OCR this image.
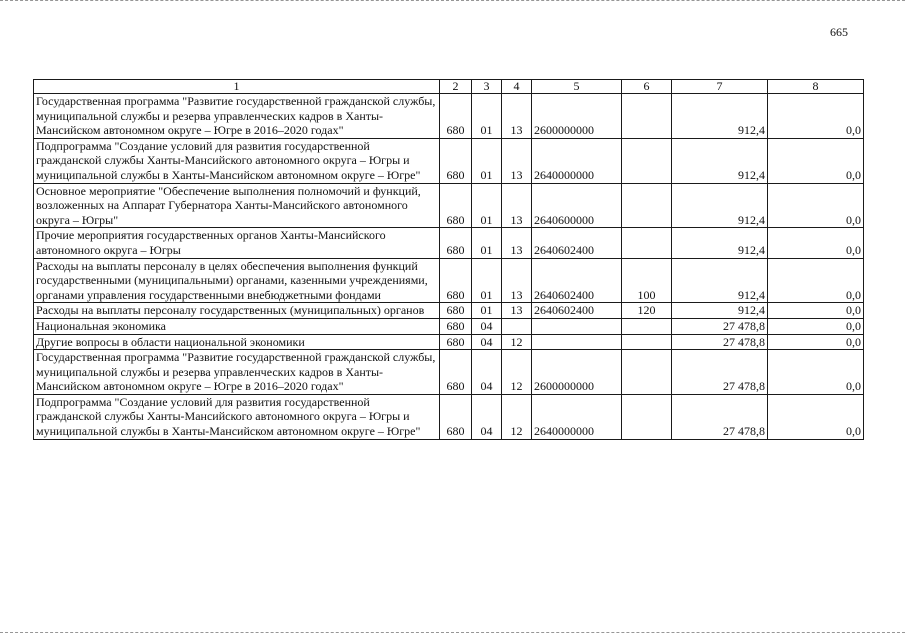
665
1	2	3	4	5	6	7	8
Государственная программа "Развитие государственной гражданской службы, муниципальной службы и резерва управленческих кадров в Ханты-Мансийском автономном округе – Югре в 2016–2020 годах"	680	01	13	2600000000		912,4	0,0
Подпрограмма "Создание условий для развития государственной гражданской службы Ханты-Мансийского автономного округа – Югры и муниципальной службы в Ханты-Мансийском автономном округе – Югре"	680	01	13	2640000000		912,4	0,0
Основное мероприятие "Обеспечение выполнения полномочий и функций, возложенных на Аппарат Губернатора Ханты-Мансийского автономного округа – Югры"	680	01	13	2640600000		912,4	0,0
Прочие мероприятия государственных органов Ханты-Мансийского автономного округа – Югры	680	01	13	2640602400		912,4	0,0
Расходы на выплаты персоналу в целях обеспечения выполнения функций государственными (муниципальными) органами, казенными учреждениями, органами управления государственными внебюджетными фондами	680	01	13	2640602400	100	912,4	0,0
Расходы на выплаты персоналу государственных (муниципальных) органов	680	01	13	2640602400	120	912,4	0,0
Национальная экономика	680	04				27 478,8	0,0
Другие вопросы в области национальной экономики	680	04	12			27 478,8	0,0
Государственная программа "Развитие государственной гражданской службы, муниципальной службы и резерва управленческих кадров в Ханты-Мансийском автономном округе – Югре в 2016–2020 годах"	680	04	12	2600000000		27 478,8	0,0
Подпрограмма "Создание условий для развития государственной гражданской службы Ханты-Мансийского автономного округа – Югры и муниципальной службы в Ханты-Мансийском автономном округе – Югре"	680	04	12	2640000000		27 478,8	0,0
